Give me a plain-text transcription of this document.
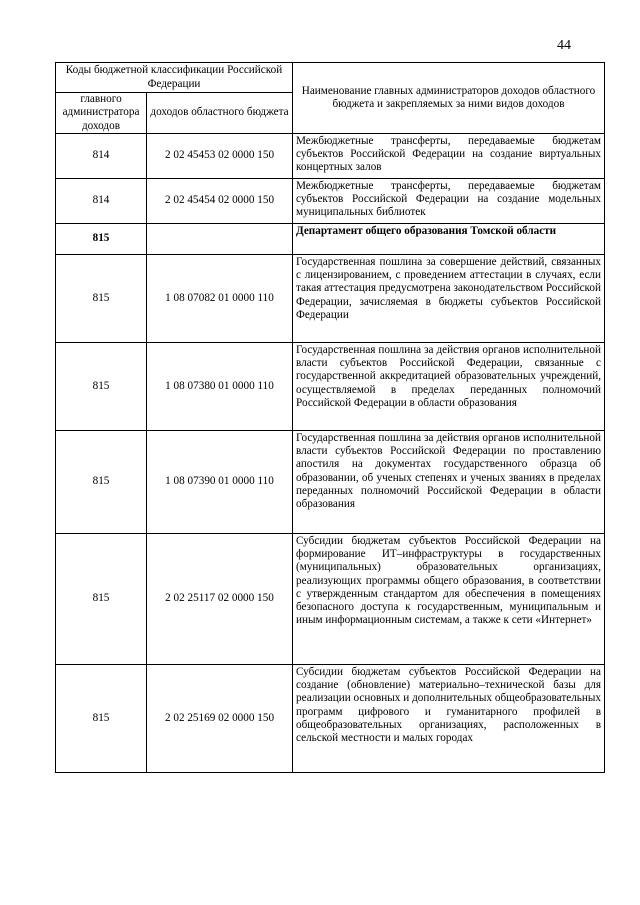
44
Коды бюджетной классификации Российской Федерации		Наименование главных администраторов доходов областного бюджета и закрепляемых за ними видов доходов
главного администратора доходов	доходов областного бюджета	
814	2 02 45453 02 0000 150	Межбюджетные трансферты, передаваемые бюджетам субъектов Российской Федерации на создание виртуальных концертных залов
814	2 02 45454 02 0000 150	Межбюджетные трансферты, передаваемые бюджетам субъектов Российской Федерации на создание модельных муниципальных библиотек
815		Департамент общего образования Томской области
815	1 08 07082 01 0000 110	Государственная пошлина за совершение действий, связанных с лицензированием, с проведением аттестации в случаях, если такая аттестация предусмотрена законодательством Российской Федерации, зачисляемая в бюджеты субъектов Российской Федерации
815	1 08 07380 01 0000 110	Государственная пошлина за действия органов исполнительной власти субъектов Российской Федерации, связанные с государственной аккредитацией образовательных учреждений, осуществляемой в пределах переданных полномочий Российской Федерации в области образования
815	1 08 07390 01 0000 110	Государственная пошлина за действия органов исполнительной власти субъектов Российской Федерации по проставлению апостиля на документах государственного образца об образовании, об ученых степенях и ученых званиях в пределах переданных полномочий Российской Федерации в области образования
815	2 02 25117 02 0000 150	Субсидии бюджетам субъектов Российской Федерации на формирование ИТ–инфраструктуры в государственных (муниципальных) образовательных организациях, реализующих программы общего образования, в соответствии с утвержденным стандартом для обеспечения в помещениях безопасного доступа к государственным, муниципальным и иным информационным системам, а также к сети «Интернет»
815	2 02 25169 02 0000 150	Субсидии бюджетам субъектов Российской Федерации на создание (обновление) материально–технической базы для реализации основных и дополнительных общеобразовательных программ цифрового и гуманитарного профилей в общеобразовательных организациях, расположенных в сельской местности и малых городах
